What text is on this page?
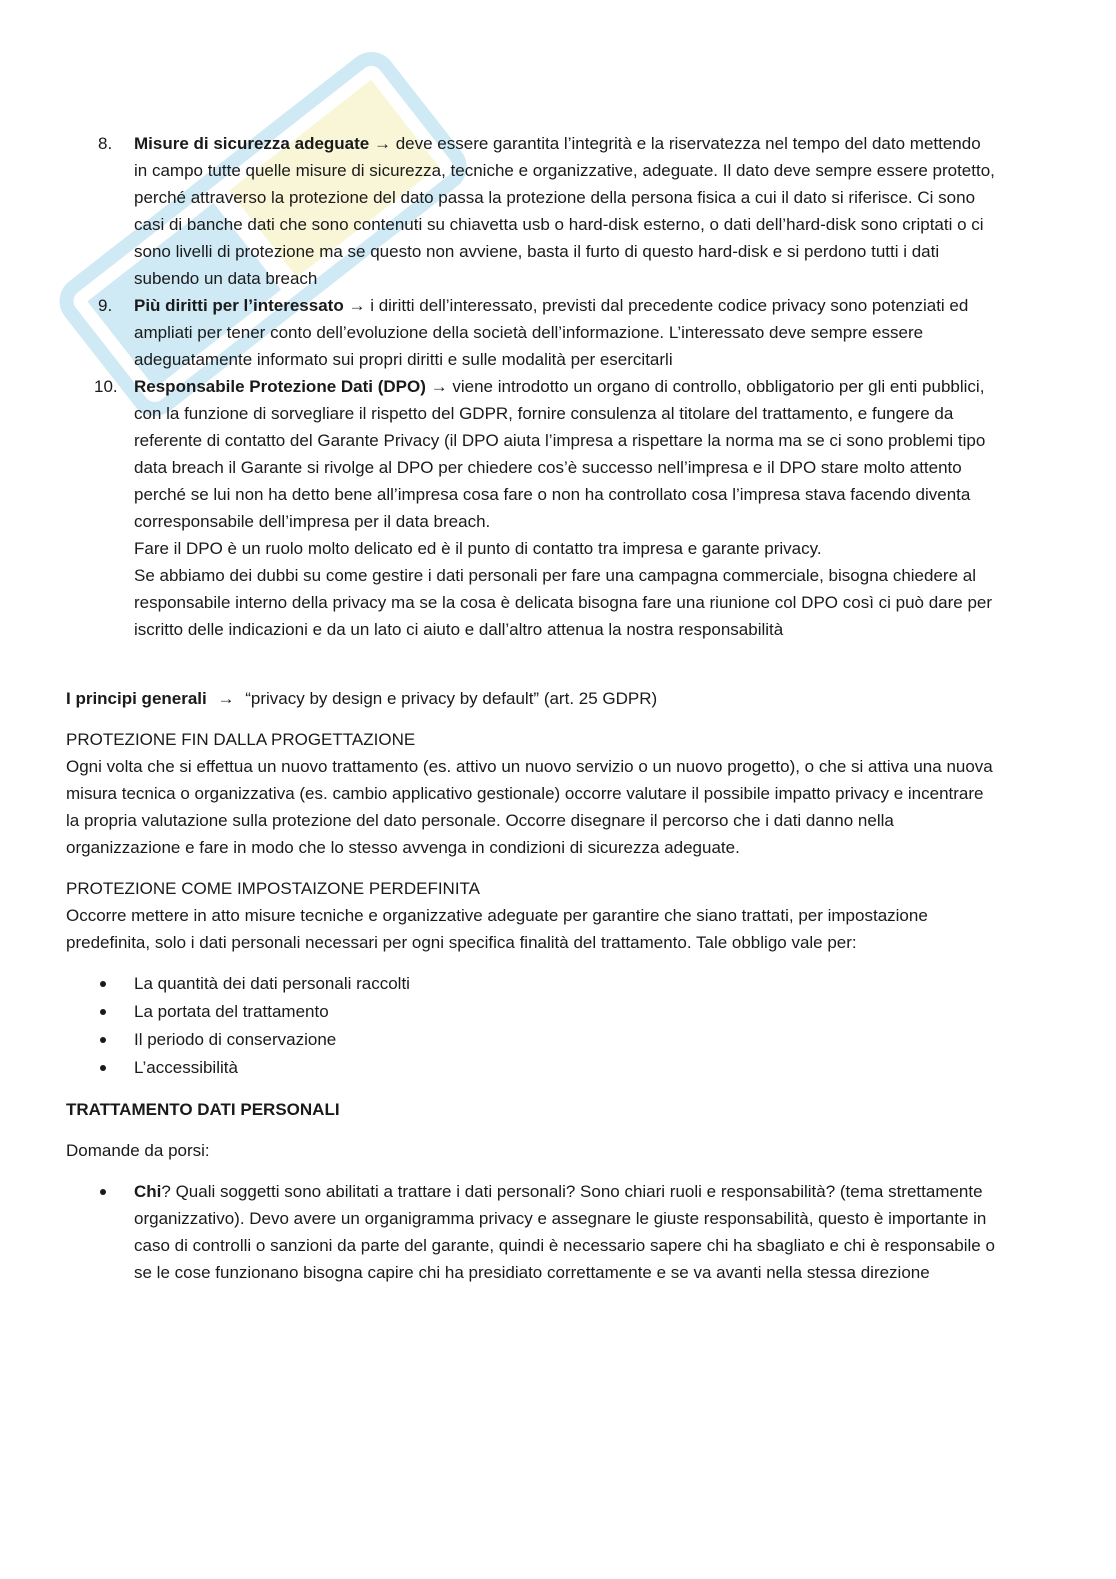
8. Misure di sicurezza adeguate → deve essere garantita l’integrità e la riservatezza nel tempo del dato mettendo in campo tutte quelle misure di sicurezza, tecniche e organizzative, adeguate. Il dato deve sempre essere protetto, perché attraverso la protezione del dato passa la protezione della persona fisica a cui il dato si riferisce. Ci sono casi di banche dati che sono contenuti su chiavetta usb o hard-disk esterno, o dati dell’hard-disk sono criptati o ci sono livelli di protezione ma se questo non avviene, basta il furto di questo hard-disk e si perdono tutti i dati subendo un data breach

9. Più diritti per l’interessato → i diritti dell’interessato, previsti dal precedente codice privacy sono potenziati ed ampliati per tener conto dell’evoluzione della società dell’informazione. L’interessato deve sempre essere adeguatamente informato sui propri diritti e sulle modalità per esercitarli

10. Responsabile Protezione Dati (DPO) → viene introdotto un organo di controllo, obbligatorio per gli enti pubblici, con la funzione di sorvegliare il rispetto del GDPR, fornire consulenza al titolare del trattamento, e fungere da referente di contatto del Garante Privacy (il DPO aiuta l’impresa a rispettare la norma ma se ci sono problemi tipo data breach il Garante si rivolge al DPO per chiedere cos’è successo nell’impresa e il DPO stare molto attento perché se lui non ha detto bene all’impresa cosa fare o non ha controllato cosa l’impresa stava facendo diventa corresponsabile dell’impresa per il data breach.

Fare il DPO è un ruolo molto delicato ed è il punto di contatto tra impresa e garante privacy.

Se abbiamo dei dubbi su come gestire i dati personali per fare una campagna commerciale, bisogna chiedere al responsabile interno della privacy ma se la cosa è delicata bisogna fare una riunione col DPO così ci può dare per iscritto delle indicazioni e da un lato ci aiuto e dall’altro attenua la nostra responsabilità

I principi generali → “privacy by design e privacy by default” (art. 25 GDPR)

PROTEZIONE FIN DALLA PROGETTAZIONE

Ogni volta che si effettua un nuovo trattamento (es. attivo un nuovo servizio o un nuovo progetto), o che si attiva una nuova misura tecnica o organizzativa (es. cambio applicativo gestionale) occorre valutare il possibile impatto privacy e incentrare la propria valutazione sulla protezione del dato personale. Occorre disegnare il percorso che i dati danno nella organizzazione e fare in modo che lo stesso avvenga in condizioni di sicurezza adeguate.

PROTEZIONE COME IMPOSTAIZONE PERDEFINITA

Occorre mettere in atto misure tecniche e organizzative adeguate per garantire che siano trattati, per impostazione predefinita, solo i dati personali necessari per ogni specifica finalità del trattamento. Tale obbligo vale per:

La quantità dei dati personali raccolti
La portata del trattamento
Il periodo di conservazione
L’accessibilità

TRATTAMENTO DATI PERSONALI

Domande da porsi:

Chi? Quali soggetti sono abilitati a trattare i dati personali? Sono chiari ruoli e responsabilità? (tema strettamente organizzativo). Devo avere un organigramma privacy e assegnare le giuste responsabilità, questo è importante in caso di controlli o sanzioni da parte del garante, quindi è necessario sapere chi ha sbagliato e chi è responsabile o se le cose funzionano bisogna capire chi ha presidiato correttamente e se va avanti nella stessa direzione
